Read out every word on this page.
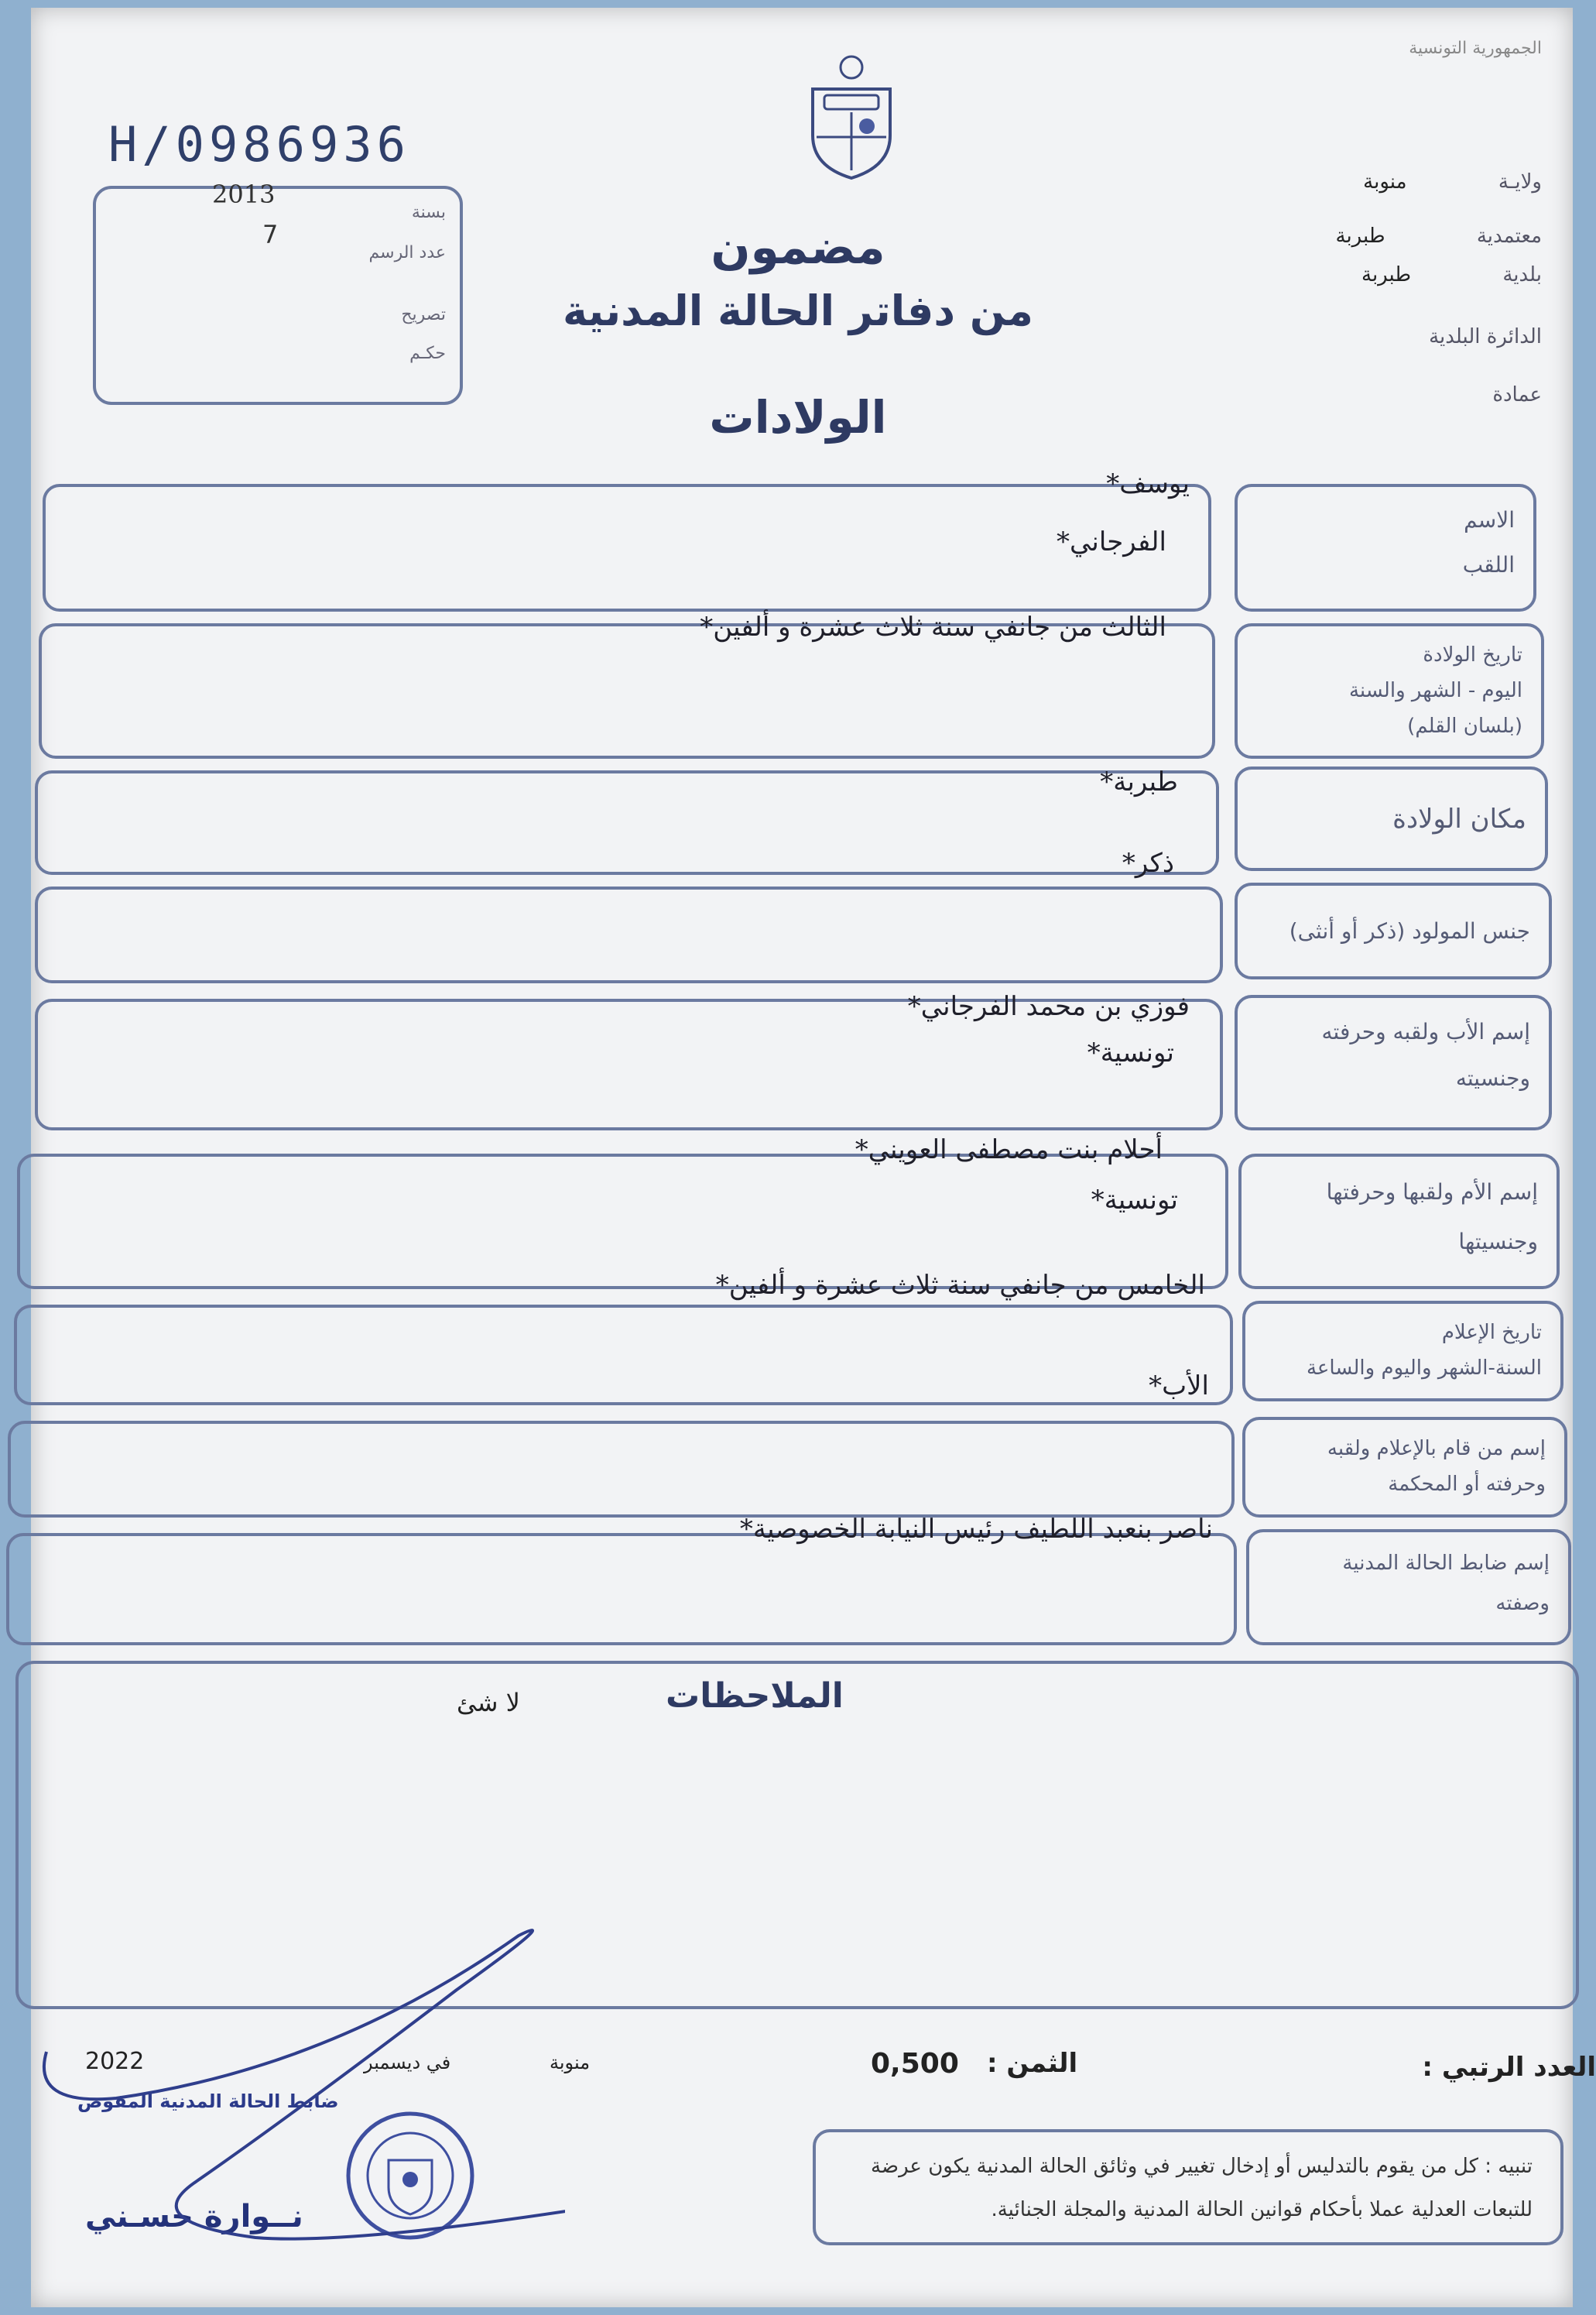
H/0986936
2013
7
بسنة
عدد الرسم
تصريح
حكـم
الجمهورية التونسية
ولايـة منوبة
معتمدية طبربة
بلدية طبربة
الدائرة البلدية
عمادة
مضمون
من دفاتر الحالة المدنية
الولادات
الاسم
اللقب
يوسف*
الفرجاني*
تاريخ الولادة
اليوم - الشهر والسنة
(بلسان القلم)
الثالث من جانفي سنة ثلاث عشرة و ألفين*
مكان الولادة
طبربة*
جنس المولود (ذكر أو أنثى)
ذكر*
إسم الأب ولقبه وحرفته
وجنسيته
فوزي بن محمد الفرجاني*
تونسية*
إسم الأم ولقبها وحرفتها
وجنسيتها
أحلام بنت مصطفى العويني*
تونسية*
تاريخ الإعلام
السنة-الشهر واليوم والساعة
الخامس من جانفي سنة ثلاث عشرة و ألفين*
الأب*
إسم من قام بالإعلام ولقبه
وحرفته أو المحكمة
إسم ضابط الحالة المدنية
وصفته
ناصر بنعبد اللطيف رئيس النيابة الخصوصية*
الملاحظات
لا شئ
العدد الرتبي :
الثمن :
0,500
منوبة
في ديسمبر
2022
تنبيه : كل من يقوم بالتدليس أو إدخال تغيير في وثائق الحالة المدنية يكون عرضة للتبعات العدلية عملا بأحكام قوانين الحالة المدنية والمجلة الجنائية.
ضابط الحالة المدنية المفوض
نــوارة حسـني
